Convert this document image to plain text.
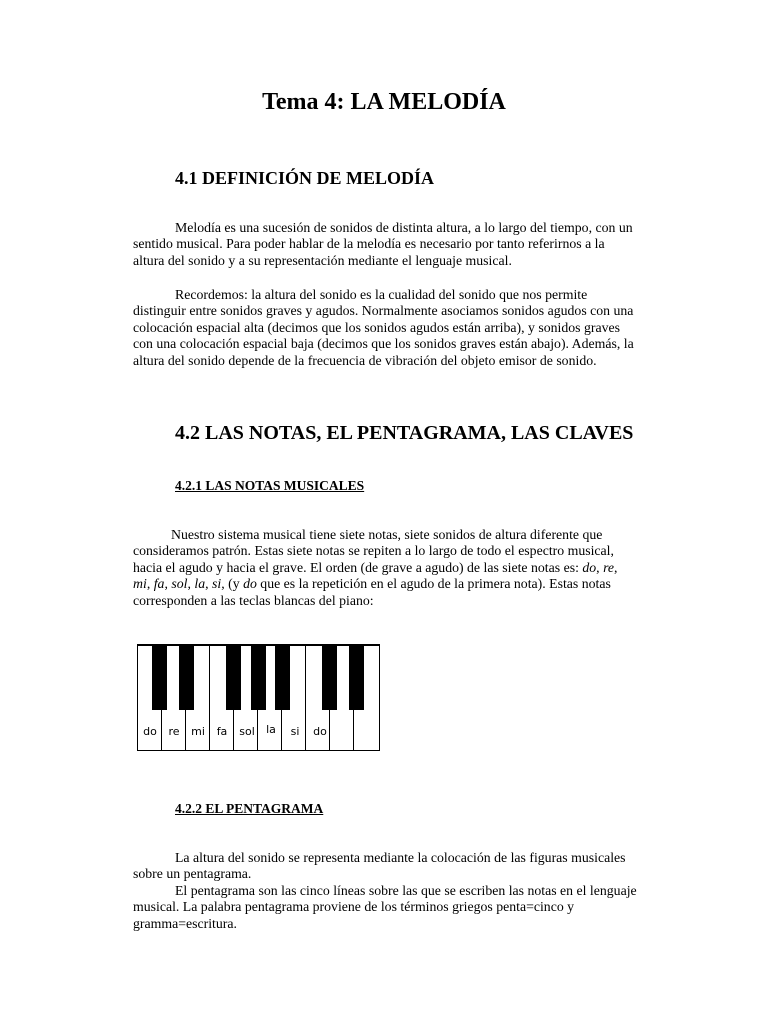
Tema 4: LA MELODÍA
4.1 DEFINICIÓN DE MELODÍA

Melodía es una sucesión de sonidos de distinta altura, a lo largo del tiempo, con un sentido musical. Para poder hablar de la melodía es necesario por tanto referirnos a la altura del sonido y a su representación mediante el lenguaje musical.

Recordemos: la altura del sonido es la cualidad del sonido que nos permite distinguir entre sonidos graves y agudos. Normalmente asociamos sonidos agudos con una colocación espacial alta (decimos que los sonidos agudos están arriba), y sonidos graves con una colocación espacial baja (decimos que los sonidos graves están abajo). Además, la altura del sonido depende de la frecuencia de vibración del objeto emisor de sonido.

4.2 LAS NOTAS, EL PENTAGRAMA, LAS CLAVES
4.2.1 LAS NOTAS MUSICALES

Nuestro sistema musical tiene siete notas, siete sonidos de altura diferente que consideramos patrón. Estas siete notas se repiten a lo largo de todo el espectro musical, hacia el agudo y hacia el grave. El orden (de grave a agudo) de las siete notas es: do, re, mi, fa, sol, la, si, (y do que es la repetición en el agudo de la primera nota). Estas notas corresponden a las teclas blancas del piano:

do	re	mi	fa	sol	la	si	do
4.2.2 EL PENTAGRAMA

La altura del sonido se representa mediante la colocación de las figuras musicales sobre un pentagrama.

El pentagrama son las cinco líneas sobre las que se escriben las notas en el lenguaje musical. La palabra pentagrama proviene de los términos griegos penta=cinco y gramma=escritura.
